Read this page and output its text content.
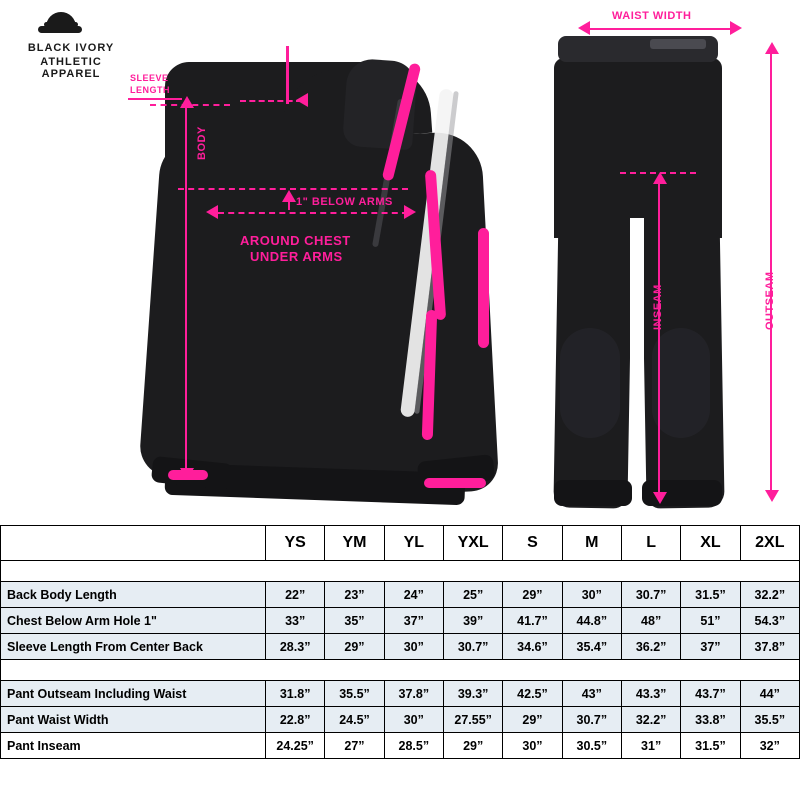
BLACK IVORY
ATHLETIC APPAREL	SLEEVE
LENGTH
BODY
1" BELOW ARMS
AROUND CHEST
UNDER ARMS
WAIST WIDTH
OUTSEAM
INSEAM
	YS	YM	YL	YXL	S	M	L	XL	2XL

Back Body Length	22”	23”	24”	25”	29”	30”	30.7”	31.5”	32.2”
Chest Below Arm Hole 1"	33”	35”	37”	39”	41.7”	44.8”	48”	51”	54.3”
Sleeve Length From Center Back	28.3”	29”	30”	30.7”	34.6”	35.4”	36.2”	37”	37.8”

Pant Outseam Including Waist	31.8”	35.5”	37.8”	39.3”	42.5”	43”	43.3”	43.7”	44”
Pant Waist Width	22.8”	24.5”	30”	27.55”	29”	30.7”	32.2”	33.8”	35.5”
Pant Inseam	24.25”	27”	28.5”	29”	30”	30.5”	31”	31.5”	32”
